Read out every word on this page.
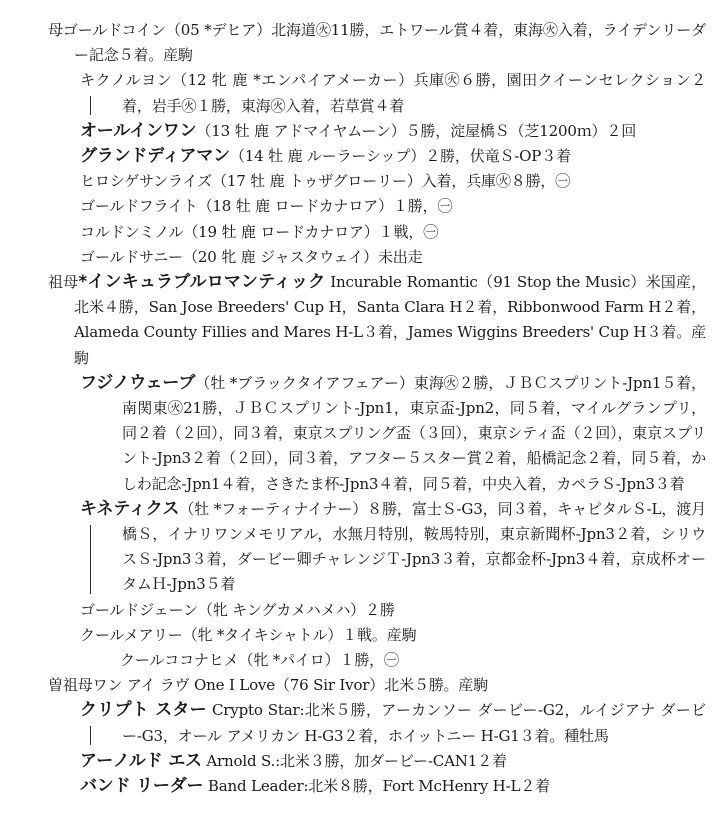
母ゴールドコイン（05 *デヒア）北海道㊋11勝，エトワール賞４着，東海㊋入着，ライデンリーダー記念５着。産駒
キクノルヨン（12 牝 鹿 *エンパイアメーカー）兵庫㊋６勝，園田クイーンセレクション２着，岩手㊋１勝，東海㊋入着，若草賞４着
オールインワン（13 牡 鹿 アドマイヤムーン）５勝，淀屋橋Ｓ（芝1200ｍ）２回
グランドディアマン（14 牡 鹿 ルーラーシップ）２勝，伏竜Ｓ-OP３着
ヒロシゲサンライズ（17 牡 鹿 トゥザグローリー）入着，兵庫㊋８勝，㊀
ゴールドフライト（18 牡 鹿 ロードカナロア）１勝，㊀
コルドンミノル（19 牡 鹿 ロードカナロア）１戦，㊀
ゴールドサニー（20 牝 鹿 ジャスタウェイ）未出走
祖母*インキュラブルロマンティック Incurable Romantic（91 Stop the Music）米国産，北米４勝，San Jose Breeders' Cup H，Santa Clara H２着，Ribbonwood Farm H２着，Alameda County Fillies and Mares H-L３着，James Wiggins Breeders' Cup H３着。産駒
フジノウェーブ（牡 *ブラックタイアフェアー）東海㊋２勝，ＪＢＣスプリント-Jpn1５着，南関東㊋21勝，ＪＢＣスプリント-Jpn1，東京盃-Jpn2，同５着，マイルグランプリ，同２着（２回），同３着，東京スプリング盃（３回），東京シティ盃（２回），東京スプリント-Jpn3２着（２回），同３着，アフター５スター賞２着，船橋記念２着，同５着，かしわ記念-Jpn1４着，さきたま杯-Jpn3４着，同５着，中央入着，カペラＳ-Jpn3３着
キネティクス（牡 *フォーティナイナー）８勝，富士Ｓ-G3，同３着，キャピタルＳ-L，渡月橋Ｓ，イナリワンメモリアル，水無月特別，鞍馬特別，東京新聞杯-Jpn3２着，シリウスＳ-Jpn3３着，ダービー卿チャレンジＴ-Jpn3３着，京都金杯-Jpn3４着，京成杯オータムＨ-Jpn3５着
ゴールドジェーン（牝 キングカメハメハ）２勝
クールメアリー（牝 *タイキシャトル）１戦。産駒
クールココナヒメ（牝 *パイロ）１勝，㊀
曽祖母ワン アイ ラヴ One I Love（76 Sir Ivor）北米５勝。産駒
クリプト スター Crypto Star:北米５勝，アーカンソー ダービー-G2，ルイジアナ ダービー-G3，オール アメリカン H-G3２着，ホイットニー H-G1３着。種牡馬
アーノルド エス Arnold S.:北米３勝，加ダービー-CAN1２着
バンド リーダー Band Leader:北米８勝，Fort McHenry H-L２着
